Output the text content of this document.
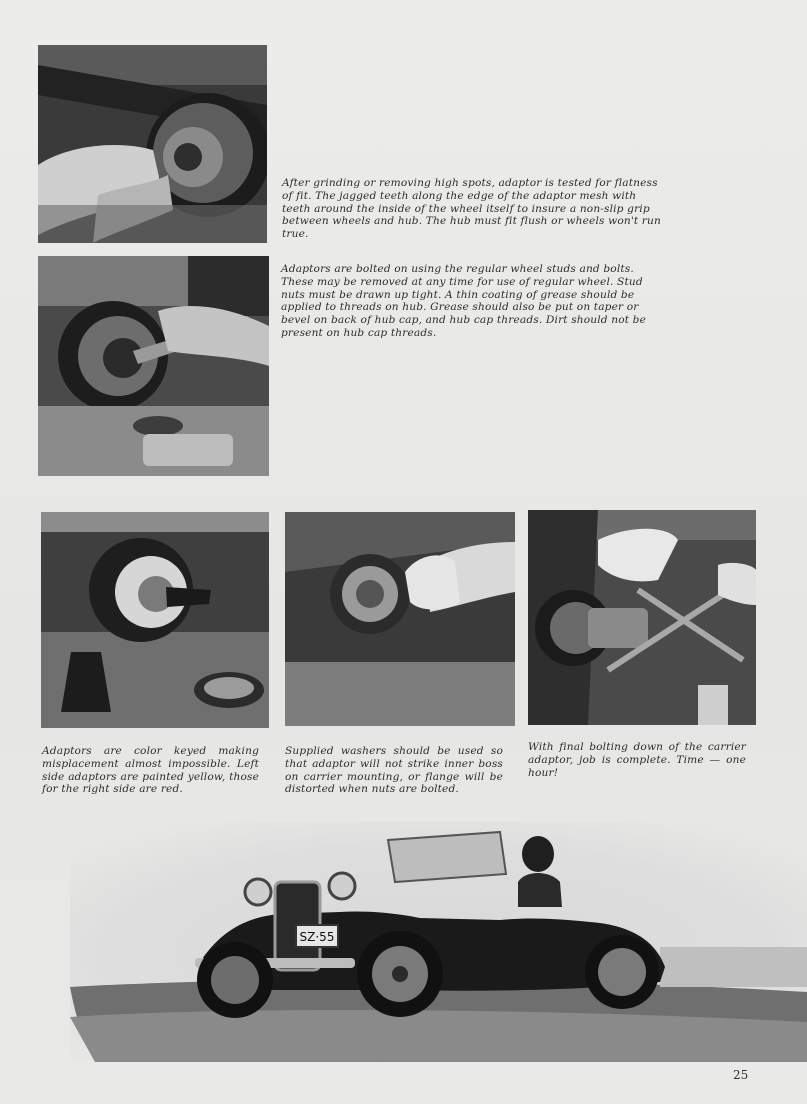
After grinding or removing high spots, adaptor is tested for flatness of fit. The jagged teeth along the edge of the adaptor mesh with teeth around the inside of the wheel itself to insure a non-slip grip between wheels and hub. The hub must fit flush or wheels won't run true.
Adaptors are bolted on using the regular wheel studs and bolts. These may be removed at any time for use of regular wheel. Stud nuts must be drawn up tight. A thin coating of grease should be applied to threads on hub. Grease should also be put on taper or bevel on back of hub cap, and hub cap threads. Dirt should not be present on hub cap threads.
Adaptors are color keyed making misplacement almost impossible. Left side adaptors are painted yellow, those for the right side are red.
Supplied washers should be used so that adaptor will not strike inner boss on carrier mounting, or flange will be distorted when nuts are bolted.
With final bolting down of the carrier adaptor, job is complete. Time — one hour!
SZ·55
25
